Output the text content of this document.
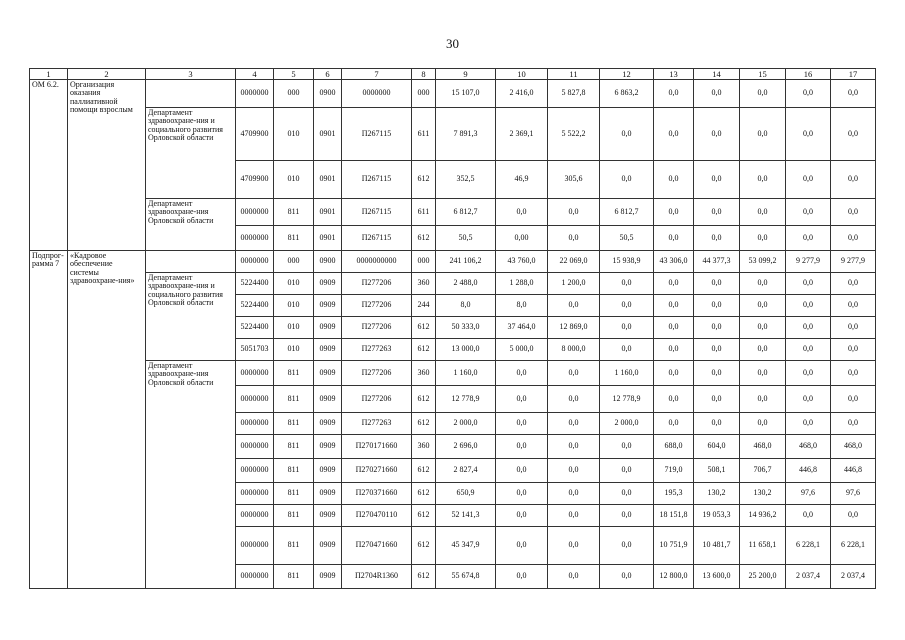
30
1	2	3	4	5	6	7	8	9	10	11	12	13	14	15	16	17
ОМ 6.2.	Организация оказания паллиативной помощи взрослым		0000000	000	0900	0000000	000	15 107,0	2 416,0	5 827,8	6 863,2	0,0	0,0	0,0	0,0	0,0
		Департамент здравоохране-ния и социального развития Орловской области	4709900	010	0901	П267115	611	7 891,3	2 369,1	5 522,2	0,0	0,0	0,0	0,0	0,0	0,0
			4709900	010	0901	П267115	612	352,5	46,9	305,6	0,0	0,0	0,0	0,0	0,0	0,0
		Департамент здравоохране-ния Орловской области	0000000	811	0901	П267115	611	6 812,7	0,0	0,0	6 812,7	0,0	0,0	0,0	0,0	0,0
			0000000	811	0901	П267115	612	50,5	0,00	0,0	50,5	0,0	0,0	0,0	0,0	0,0
Подпрог-рамма 7	«Кадровое обеспечение системы здравоохране-ния»		0000000	000	0900	0000000000	000	241 106,2	43 760,0	22 069,0	15 938,9	43 306,0	44 377,3	53 099,2	9 277,9	9 277,9
		Департамент здравоохране-ния и социального развития Орловской области	5224400	010	0909	П277206	360	2 488,0	1 288,0	1 200,0	0,0	0,0	0,0	0,0	0,0	0,0
			5224400	010	0909	П277206	244	8,0	8,0	0,0	0,0	0,0	0,0	0,0	0,0	0,0
			5224400	010	0909	П277206	612	50 333,0	37 464,0	12 869,0	0,0	0,0	0,0	0,0	0,0	0,0
			5051703	010	0909	П277263	612	13 000,0	5 000,0	8 000,0	0,0	0,0	0,0	0,0	0,0	0,0
		Департамент здравоохране-ния Орловской области	0000000	811	0909	П277206	360	1 160,0	0,0	0,0	1 160,0	0,0	0,0	0,0	0,0	0,0
			0000000	811	0909	П277206	612	12 778,9	0,0	0,0	12 778,9	0,0	0,0	0,0	0,0	0,0
			0000000	811	0909	П277263	612	2 000,0	0,0	0,0	2 000,0	0,0	0,0	0,0	0,0	0,0
			0000000	811	0909	П270171660	360	2 696,0	0,0	0,0	0,0	688,0	604,0	468,0	468,0	468,0
			0000000	811	0909	П270271660	612	2 827,4	0,0	0,0	0,0	719,0	508,1	706,7	446,8	446,8
			0000000	811	0909	П270371660	612	650,9	0,0	0,0	0,0	195,3	130,2	130,2	97,6	97,6
			0000000	811	0909	П270470110	612	52 141,3	0,0	0,0	0,0	18 151,8	19 053,3	14 936,2	0,0	0,0
			0000000	811	0909	П270471660	612	45 347,9	0,0	0,0	0,0	10 751,9	10 481,7	11 658,1	6 228,1	6 228,1
			0000000	811	0909	П2704R1360	612	55 674,8	0,0	0,0	0,0	12 800,0	13 600,0	25 200,0	2 037,4	2 037,4
